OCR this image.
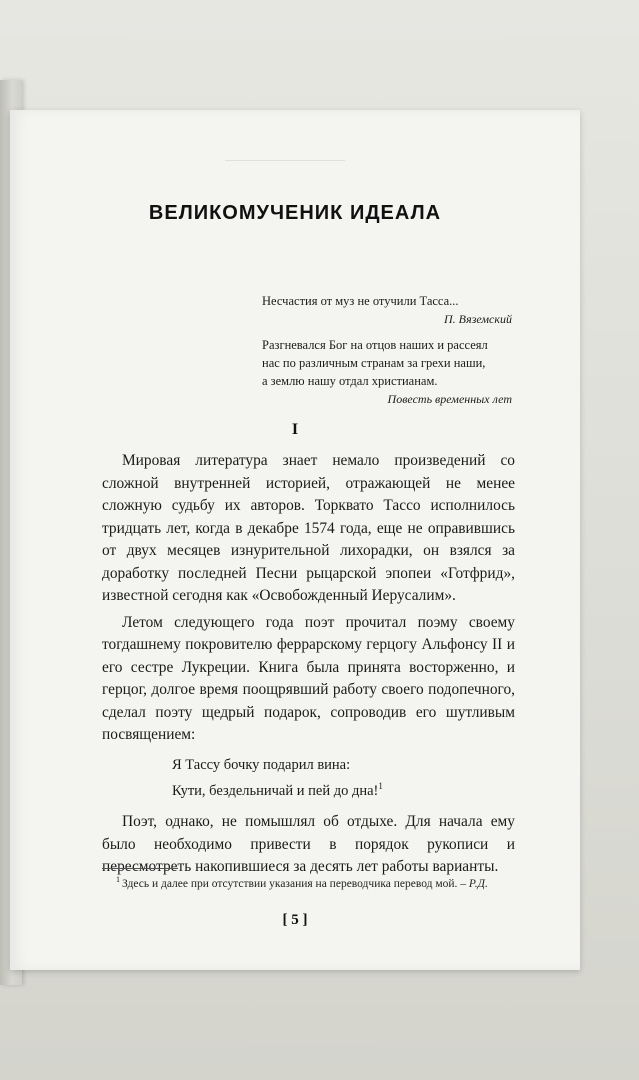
ВЕЛИКОМУЧЕНИК ИДЕАЛА

Несчастия от муз не отучили Тасса...

П. Вяземский

Разгневался Бог на отцов наших и рассеял

нас по различным странам за грехи наши,

а землю нашу отдал христианам.

Повесть временных лет

I

Мировая литература знает немало произведений со сложной внутренней историей, отражающей не менее сложную судьбу их авторов. Торквато Тассо исполнилось тридцать лет, когда в декабре 1574 года, еще не оправившись от двух месяцев изнурительной лихорадки, он взялся за доработку последней Песни рыцарской эпопеи «Готфрид», известной сегодня как «Освобожденный Иерусалим».

Летом следующего года поэт прочитал поэму своему тогдашнему покровителю феррарскому герцогу Альфонсу II и его сестре Лукреции. Книга была принята восторженно, и герцог, долгое время поощрявший работу своего подопечного, сделал поэту щедрый подарок, сопроводив его шутливым посвящением:

Я Тассу бочку подарил вина:
Кути, бездельничай и пей до дна!$^1$

Поэт, однако, не помышлял об отдыхе. Для начала ему было необходимо привести в порядок рукописи и пересмотреть накопившиеся за десять лет работы варианты.

$^1$ Здесь и далее при отсутствии указания на переводчика перевод мой. – Р.Д.
[ 5 ]
